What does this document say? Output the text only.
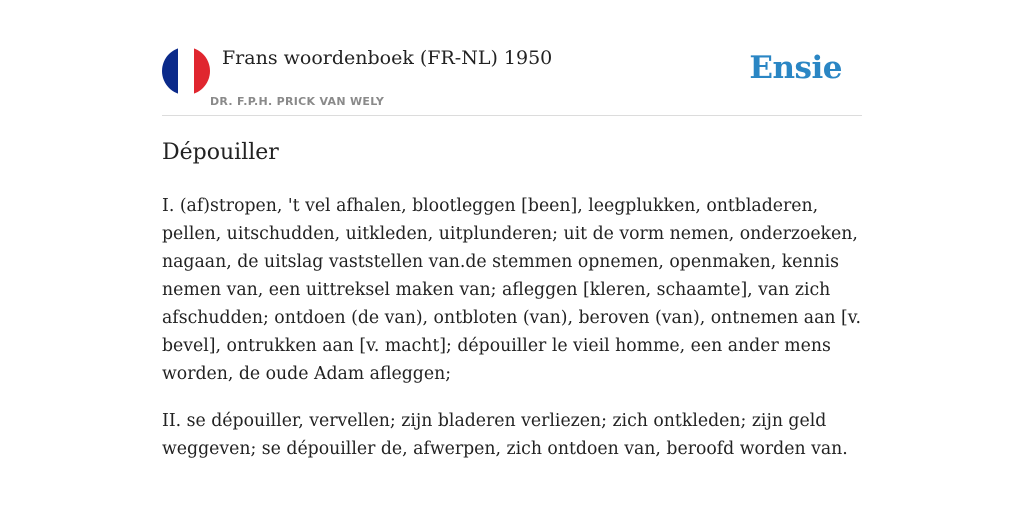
Frans woordenboek (FR-NL) 1950
DR. F.P.H. PRICK VAN WELY
Ensie
Dépouiller

I. (af)stropen, 't vel afhalen, blootleggen [been], leegplukken, ontbladeren, pellen, uitschudden, uitkleden, uitplunderen; uit de vorm nemen, onderzoeken, nagaan, de uitslag vaststellen van.de stemmen opnemen, openmaken, kennis nemen van, een uittreksel maken van; afleggen [kleren, schaamte], van zich afschudden; ontdoen (de van), ontbloten (van), beroven (van), ontnemen aan [v. bevel], ontrukken aan [v. macht]; dépouiller le vieil homme, een ander mens worden, de oude Adam afleggen;

II. se dépouiller, vervellen; zijn bladeren verliezen; zich ontkleden; zijn geld weggeven; se dépouiller de, afwerpen, zich ontdoen van, beroofd worden van.
